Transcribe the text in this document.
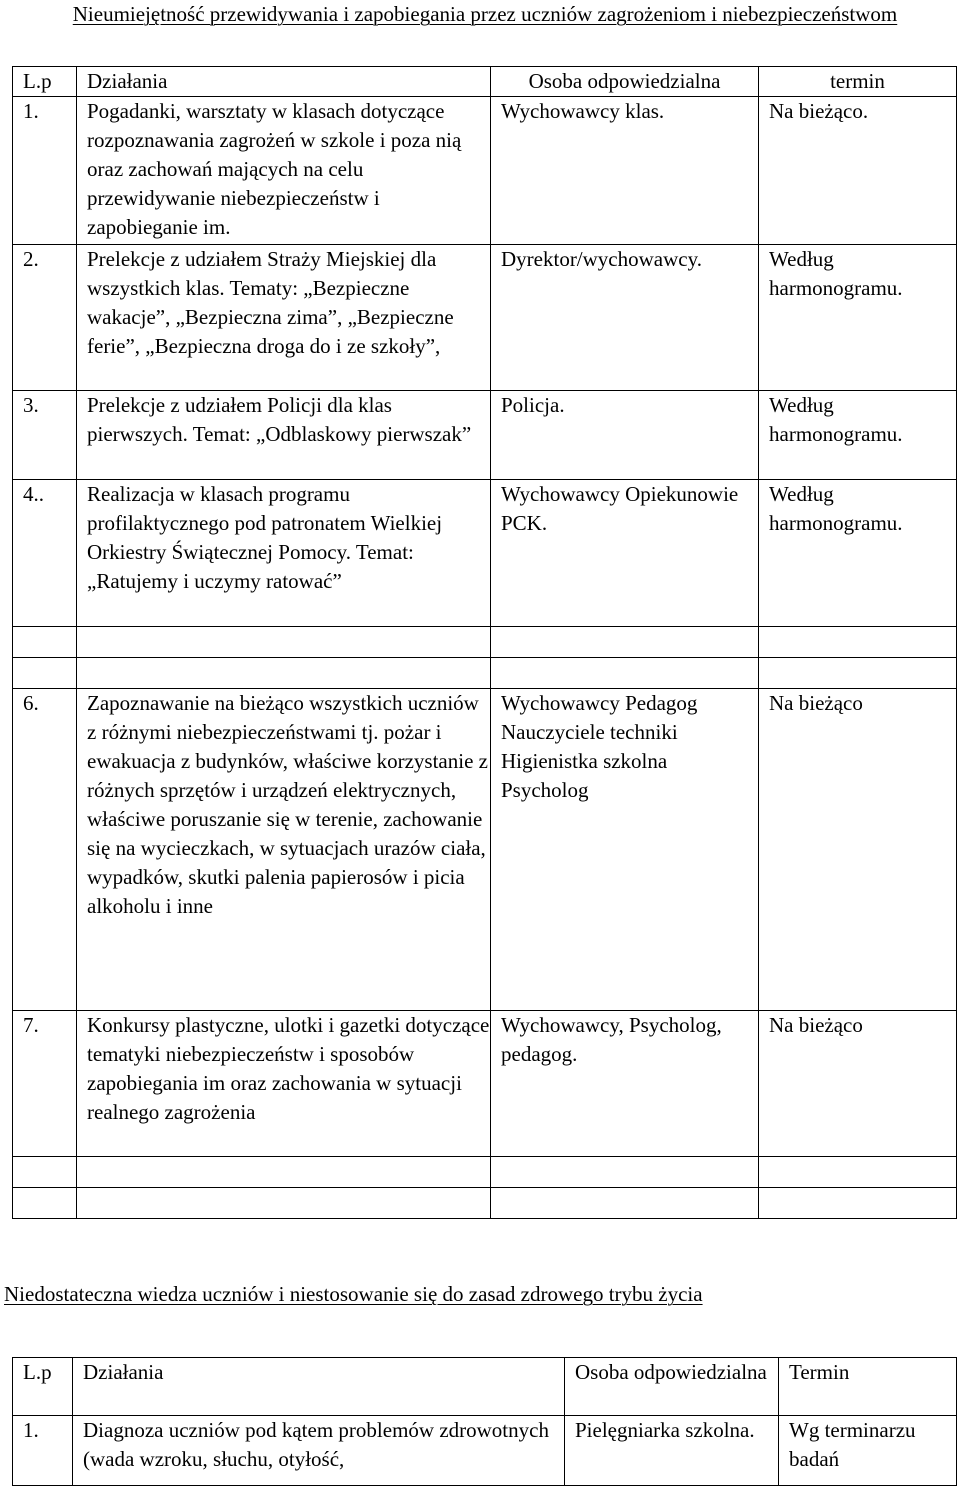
Nieumiejętność przewidywania i zapobiegania przez uczniów zagrożeniom i niebezpieczeństwom
L.p	Działania	Osoba odpowiedzialna	termin
1.	Pogadanki, warsztaty w klasach dotyczące rozpoznawania zagrożeń w szkole i poza nią oraz zachowań mających na celu przewidywanie niebezpieczeństw i zapobieganie im.	Wychowawcy klas.	Na bieżąco.
2.	Prelekcje z udziałem Straży Miejskiej dla wszystkich klas. Tematy: „Bezpieczne wakacje”, „Bezpieczna zima”, „Bezpieczne ferie”, „Bezpieczna droga do i ze szkoły”,	Dyrektor/wychowawcy.	Według harmonogramu.
3.	Prelekcje z udziałem Policji dla klas pierwszych. Temat: „Odblaskowy pierwszak”	Policja.	Według harmonogramu.
4..	Realizacja w klasach programu profilaktycznego pod patronatem Wielkiej Orkiestry Świątecznej Pomocy. Temat: „Ratujemy i uczymy ratować”	Wychowawcy Opiekunowie PCK.	Według harmonogramu.

6.	Zapoznawanie na bieżąco wszystkich uczniów z różnymi niebezpieczeństwami tj. pożar i ewakuacja z budynków, właściwe korzystanie z różnych sprzętów i urządzeń elektrycznych, właściwe poruszanie się w terenie, zachowanie się na wycieczkach, w sytuacjach urazów ciała, wypadków, skutki palenia papierosów i picia alkoholu i inne	Wychowawcy Pedagog Nauczyciele techniki Higienistka szkolna Psycholog	Na bieżąco
7.	Konkursy plastyczne, ulotki i gazetki dotyczące tematyki niebezpieczeństw i sposobów zapobiegania im oraz zachowania w sytuacji realnego zagrożenia	Wychowawcy, Psycholog, pedagog.	Na bieżąco

Niedostateczna wiedza uczniów i niestosowanie się do zasad zdrowego trybu życia
L.p	Działania	Osoba odpowiedzialna	Termin
1.	Diagnoza uczniów pod kątem problemów zdrowotnych (wada wzroku, słuchu, otyłość,	Pielęgniarka szkolna.	Wg terminarzu badań
